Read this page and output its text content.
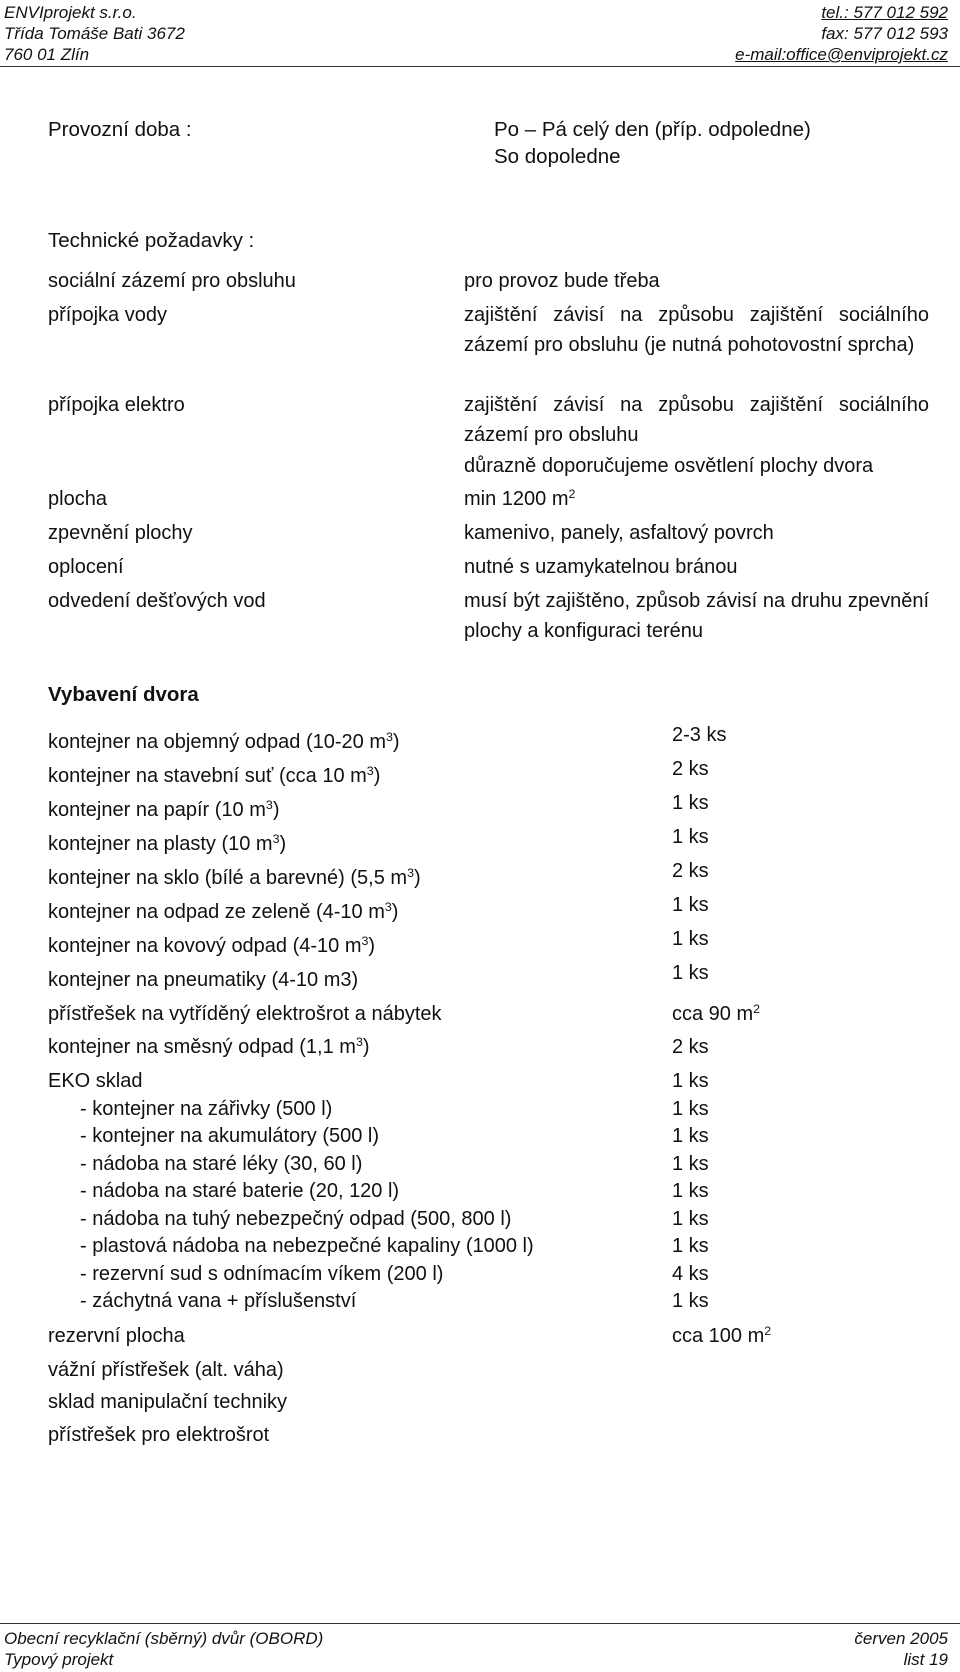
ENVIprojekt s.r.o.
Třída Tomáše Bati 3672
760 01 Zlín
tel.: 577 012 592
fax: 577 012 593
e-mail:office@enviprojekt.cz
Provozní doba :	Po – Pá celý den (příp. odpoledne)
So dopoledne
Technické požadavky :
sociální zázemí pro obsluhu	pro provoz bude třeba
přípojka vody	zajištění závisí na způsobu zajištění sociálního zázemí pro obsluhu (je nutná pohotovostní sprcha)
přípojka elektro	zajištění závisí na způsobu zajištění sociálního zázemí pro obsluhu
důrazně doporučujeme osvětlení plochy dvora
plocha	min 1200 $m^2$
zpevnění plochy	kamenivo, panely, asfaltový povrch
oplocení	nutné s uzamykatelnou bránou
odvedení dešťových vod	musí být zajištěno, způsob závisí na druhu zpevnění plochy a konfiguraci terénu
Vybavení dvora
kontejner na objemný odpad (10-20 $m^3$)	2-3 ks
kontejner na stavební suť (cca 10 $m^3$)	2 ks
kontejner na papír (10 $m^3$)	1 ks
kontejner na plasty (10 $m^3$)	1 ks
kontejner na sklo (bílé a barevné) (5,5 $m^3$)	2 ks
kontejner na odpad ze zeleně (4-10 $m^3$)	1 ks
kontejner na kovový odpad (4-10 $m^3$)	1 ks
kontejner na pneumatiky (4-10 m3)	1 ks
přístřešek na vytříděný elektrošrot a nábytek	cca 90 $m^2$
kontejner na směsný odpad (1,1 $m^3$)	2 ks
EKO sklad	1 ks
- kontejner na zářivky (500 l)	1 ks
- kontejner na akumulátory (500 l)	1 ks
- nádoba na staré léky (30, 60 l)	1 ks
- nádoba na staré baterie (20, 120 l)	1 ks
- nádoba na tuhý nebezpečný odpad (500, 800 l)	1 ks
- plastová nádoba na nebezpečné kapaliny (1000 l)	1 ks
- rezervní sud s odnímacím víkem (200 l)	4 ks
- záchytná vana + příslušenství	1 ks
rezervní plocha	cca 100 $m^2$
vážní přístřešek (alt. váha)
sklad manipulační techniky
přístřešek pro elektrošrot
Obecní recyklační (sběrný) dvůr (OBORD)
Typový projekt
červen 2005
list 19
